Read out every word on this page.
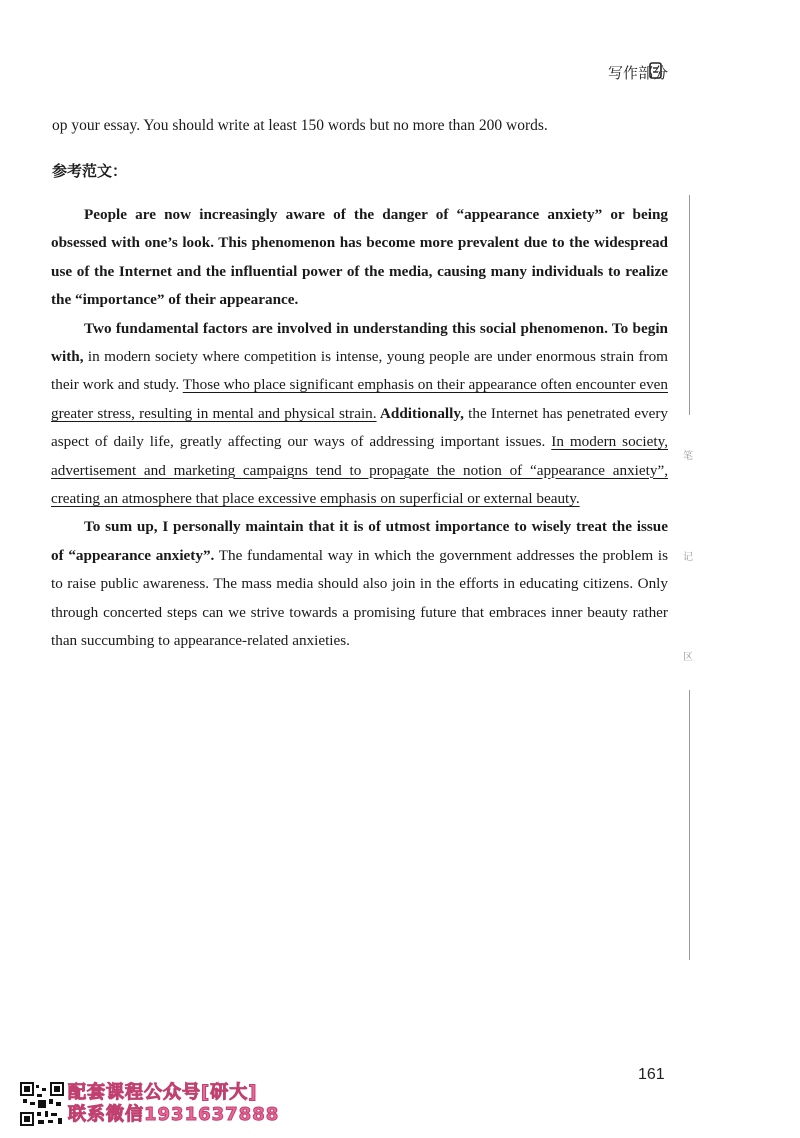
写作部分
op your essay. You should write at least 150 words but no more than 200 words.
参考范文：

People are now increasingly aware of the danger of “appearance anxiety” or being obsessed with one’s look. This phenomenon has become more prevalent due to the widespread use of the Internet and the influential power of the media, causing many individuals to realize the “importance” of their appearance.

Two fundamental factors are involved in understanding this social phenomenon. To begin with, in modern society where competition is intense, young people are under enormous strain from their work and study. Those who place significant emphasis on their appearance often encounter even greater stress, resulting in mental and physical strain. Additionally, the Internet has penetrated every aspect of daily life, greatly affecting our ways of addressing important issues. In modern society, advertisement and marketing campaigns tend to propagate the notion of “appearance anxiety”, creating an atmosphere that place excessive emphasis on superficial or external beauty.

To sum up, I personally maintain that it is of utmost importance to wisely treat the issue of “appearance anxiety”. The fundamental way in which the government addresses the problem is to raise public awareness. The mass media should also join in the efforts in educating citizens. Only through concerted steps can we strive towards a promising future that embraces inner beauty rather than succumbing to appearance-related anxieties.

笔
记
区
161
配套课程公众号[研大]
联系微信1931637888
